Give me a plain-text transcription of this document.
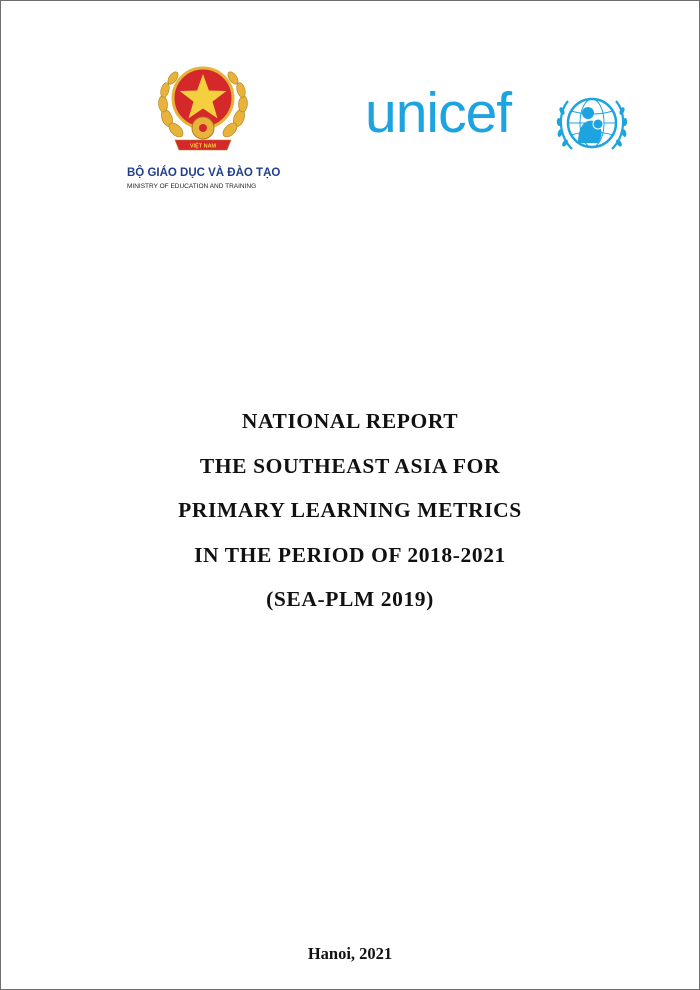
VIỆT NAM
BỘ GIÁO DỤC VÀ ĐÀO TẠO
MINISTRY OF EDUCATION AND TRAINING
unicef
NATIONAL REPORT
THE SOUTHEAST ASIA FOR
PRIMARY LEARNING METRICS
IN THE PERIOD OF 2018-2021
(SEA-PLM 2019)
Hanoi, 2021
